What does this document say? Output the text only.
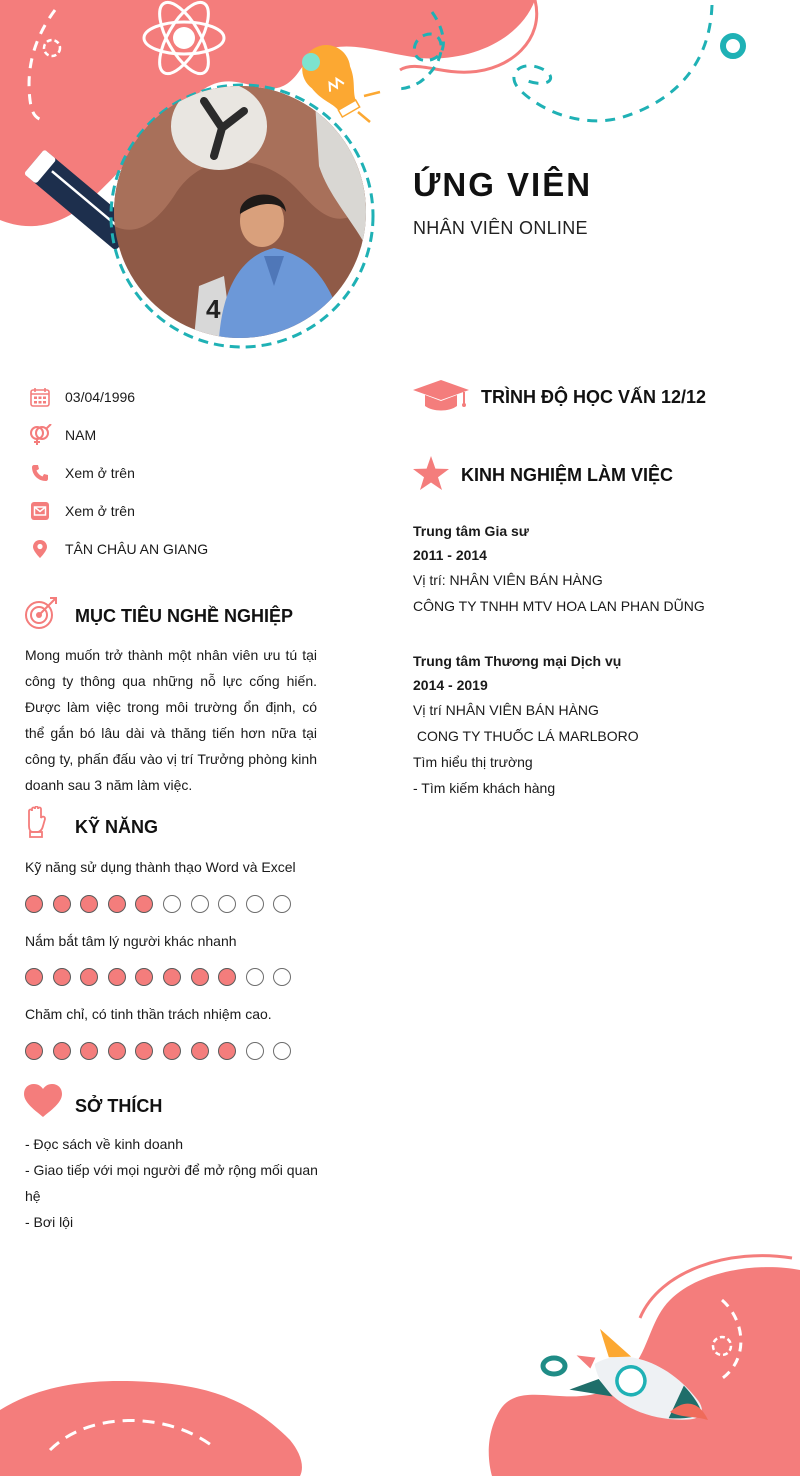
4
ỨNG VIÊN
NHÂN VIÊN ONLINE
03/04/1996
NAM
Xem ở trên
Xem ở trên
TÂN CHÂU AN GIANG
MỤC TIÊU NGHỀ NGHIỆP
Mong muốn trở thành một nhân viên ưu tú tại công ty thông qua những nỗ lực cống hiến. Được làm việc trong môi trường ổn định, có thể gắn bó lâu dài và thăng tiến hơn nữa tại công ty, phấn đấu vào vị trí Trưởng phòng kinh doanh sau 3 năm làm việc.
KỸ NĂNG
Kỹ năng sử dụng thành thạo Word và Excel
Nắm bắt tâm lý người khác nhanh
Chăm chỉ, có tinh thần trách nhiệm cao.
SỞ THÍCH
- Đọc sách về kinh doanh
- Giao tiếp với mọi người để mở rộng mối quan hệ
- Bơi lội
TRÌNH ĐỘ HỌC VẤN 12/12
KINH NGHIỆM LÀM VIỆC
Trung tâm Gia sư
2011 - 2014
Vị trí: NHÂN VIÊN BÁN HÀNG
CÔNG TY TNHH MTV HOA LAN PHAN DŨNG
Trung tâm Thương mại Dịch vụ
2014 - 2019
Vị trí NHÂN VIÊN BÁN HÀNG
CONG TY THUỐC LÁ MARLBORO
Tìm hiểu thị trường
- Tìm kiếm khách hàng
